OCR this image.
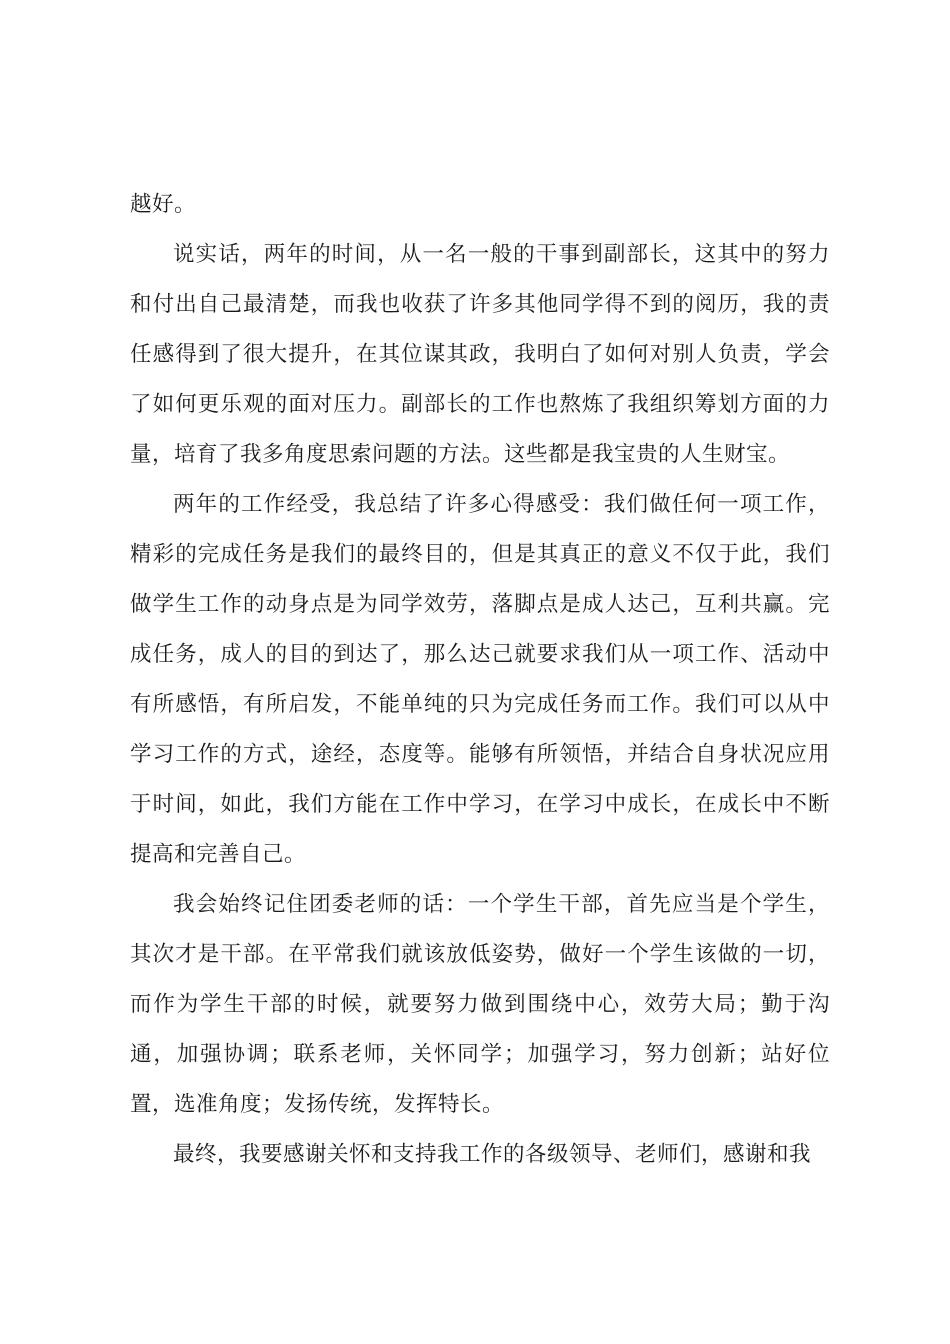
越好。

说实话，两年的时间，从一名一般的干事到副部长，这其中的努力和付出自己最清楚，而我也收获了许多其他同学得不到的阅历，我的责任感得到了很大提升，在其位谋其政，我明白了如何对别人负责，学会了如何更乐观的面对压力。副部长的工作也熬炼了我组织筹划方面的力量，培育了我多角度思索问题的方法。这些都是我宝贵的人生财宝。

两年的工作经受，我总结了许多心得感受：我们做任何一项工作，精彩的完成任务是我们的最终目的，但是其真正的意义不仅于此，我们做学生工作的动身点是为同学效劳，落脚点是成人达己，互利共赢。完成任务，成人的目的到达了，那么达己就要求我们从一项工作、活动中有所感悟，有所启发，不能单纯的只为完成任务而工作。我们可以从中学习工作的方式，途经，态度等。能够有所领悟，并结合自身状况应用于时间，如此，我们方能在工作中学习，在学习中成长，在成长中不断提高和完善自己。

我会始终记住团委老师的话：一个学生干部，首先应当是个学生，其次才是干部。在平常我们就该放低姿势，做好一个学生该做的一切，而作为学生干部的时候，就要努力做到围绕中心，效劳大局；勤于沟通，加强协调；联系老师，关怀同学；加强学习，努力创新；站好位置，选准角度；发扬传统，发挥特长。

最终，我要感谢关怀和支持我工作的各级领导、老师们，感谢和我
